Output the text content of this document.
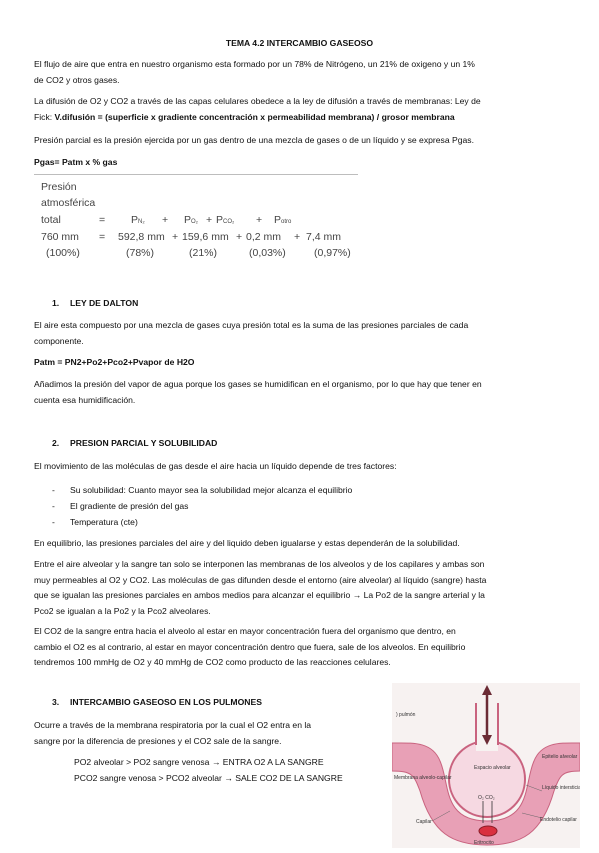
TEMA 4.2 INTERCAMBIO GASEOSO
El flujo de aire que entra en nuestro organismo esta formado por un 78% de Nitrógeno, un 21% de oxigeno y un 1%
de CO2 y otros gases.
La difusión de O2 y CO2 a través de las capas celulares obedece a la ley de difusión a través de membranas: Ley de
Fick: V.difusión = (superficie x gradiente concentración x permeabilidad membrana) / grosor membrana
Presión parcial es la presión ejercida por un gas dentro de una mezcla de gases o de un líquido y se expresa Pgas.
Pgas= Patm x % gas
Presión
atmosférica
total	= PN₂ + PO₂ + PCO₂ + Potro
760 mm = 592,8 mm + 159,6 mm + 0,2 mm + 7,4 mm
(100%)	(78%)	(21%)	(0,03%)	(0,97%)
1. LEY DE DALTON
El aire esta compuesto por una mezcla de gases cuya presión total es la suma de las presiones parciales de cada
componente.
Patm = PN2+Po2+Pco2+Pvapor de H2O
Añadimos la presión del vapor de agua porque los gases se humidifican en el organismo, por lo que hay que tener en
cuenta esa humidificación.
2. PRESION PARCIAL Y SOLUBILIDAD
El movimiento de las moléculas de gas desde el aire hacia un líquido depende de tres factores:
- Su solubilidad: Cuanto mayor sea la solubilidad mejor alcanza el equilibrio
- El gradiente de presión del gas
- Temperatura (cte)
En equilibrio, las presiones parciales del aire y del liquido deben igualarse y estas dependerán de la solubilidad.
Entre el aire alveolar y la sangre tan solo se interponen las membranas de los alveolos y de los capilares y ambas son
muy permeables al O2 y CO2. Las moléculas de gas difunden desde el entorno (aire alveolar) al líquido (sangre) hasta
que se igualan las presiones parciales en ambos medios para alcanzar el equilibrio → La Po2 de la sangre arterial y la
Pco2 se igualan a la Po2 y la Pco2 alveolares.
El CO2 de la sangre entra hacia el alveolo al estar en mayor concentración fuera del organismo que dentro, en
cambio el O2 es al contrario, al estar en mayor concentración dentro que fuera, sale de los alveolos. En equilibrio
tendremos 100 mmHg de O2 y 40 mmHg de CO2 como producto de las reacciones celulares.
3. INTERCAMBIO GASEOSO EN LOS PULMONES
Ocurre a través de la membrana respiratoria por la cual el O2 entra en la
sangre por la diferencia de presiones y el CO2 sale de la sangre.
PO2 alveolar > PO2 sangre venosa → ENTRA O2 A LA SANGRE
PCO2 sangre venosa > PCO2 alveolar → SALE CO2 DE LA SANGRE
) pulmón
Espacio alveolar
Epitelio alveolar
Membrana alveolo-capilar
O₂ CO₂
Líquido intersticial
Capilar	Endotelio capilar
Eritrocito
